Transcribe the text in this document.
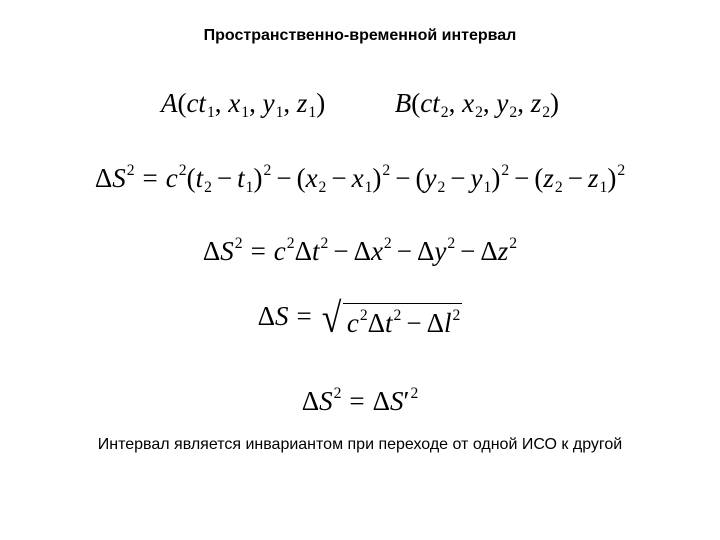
Пространственно-временной интервал
$A(ct_1$, $x_1$, $y_1$, $z_1$)	$B(ct_2$, $x_2$, $y_2$, $z_2$)
$\Delta S^2 = c^2(t_2 - t_1)^2 - (x_2 - x_1)^2 - (y_2 - y_1)^2 - (z_2 - z_1)^2$
$\Delta S^2 = c^2\Delta t^2 - \Delta x^2 - \Delta y^2 - \Delta z^2$
ΔS = √ $c^2\Delta t^2 - \Delta l^2$
$\Delta S^2 = \Delta S'^2$
Интервал является инвариантом при переходе от одной ИСО к другой
